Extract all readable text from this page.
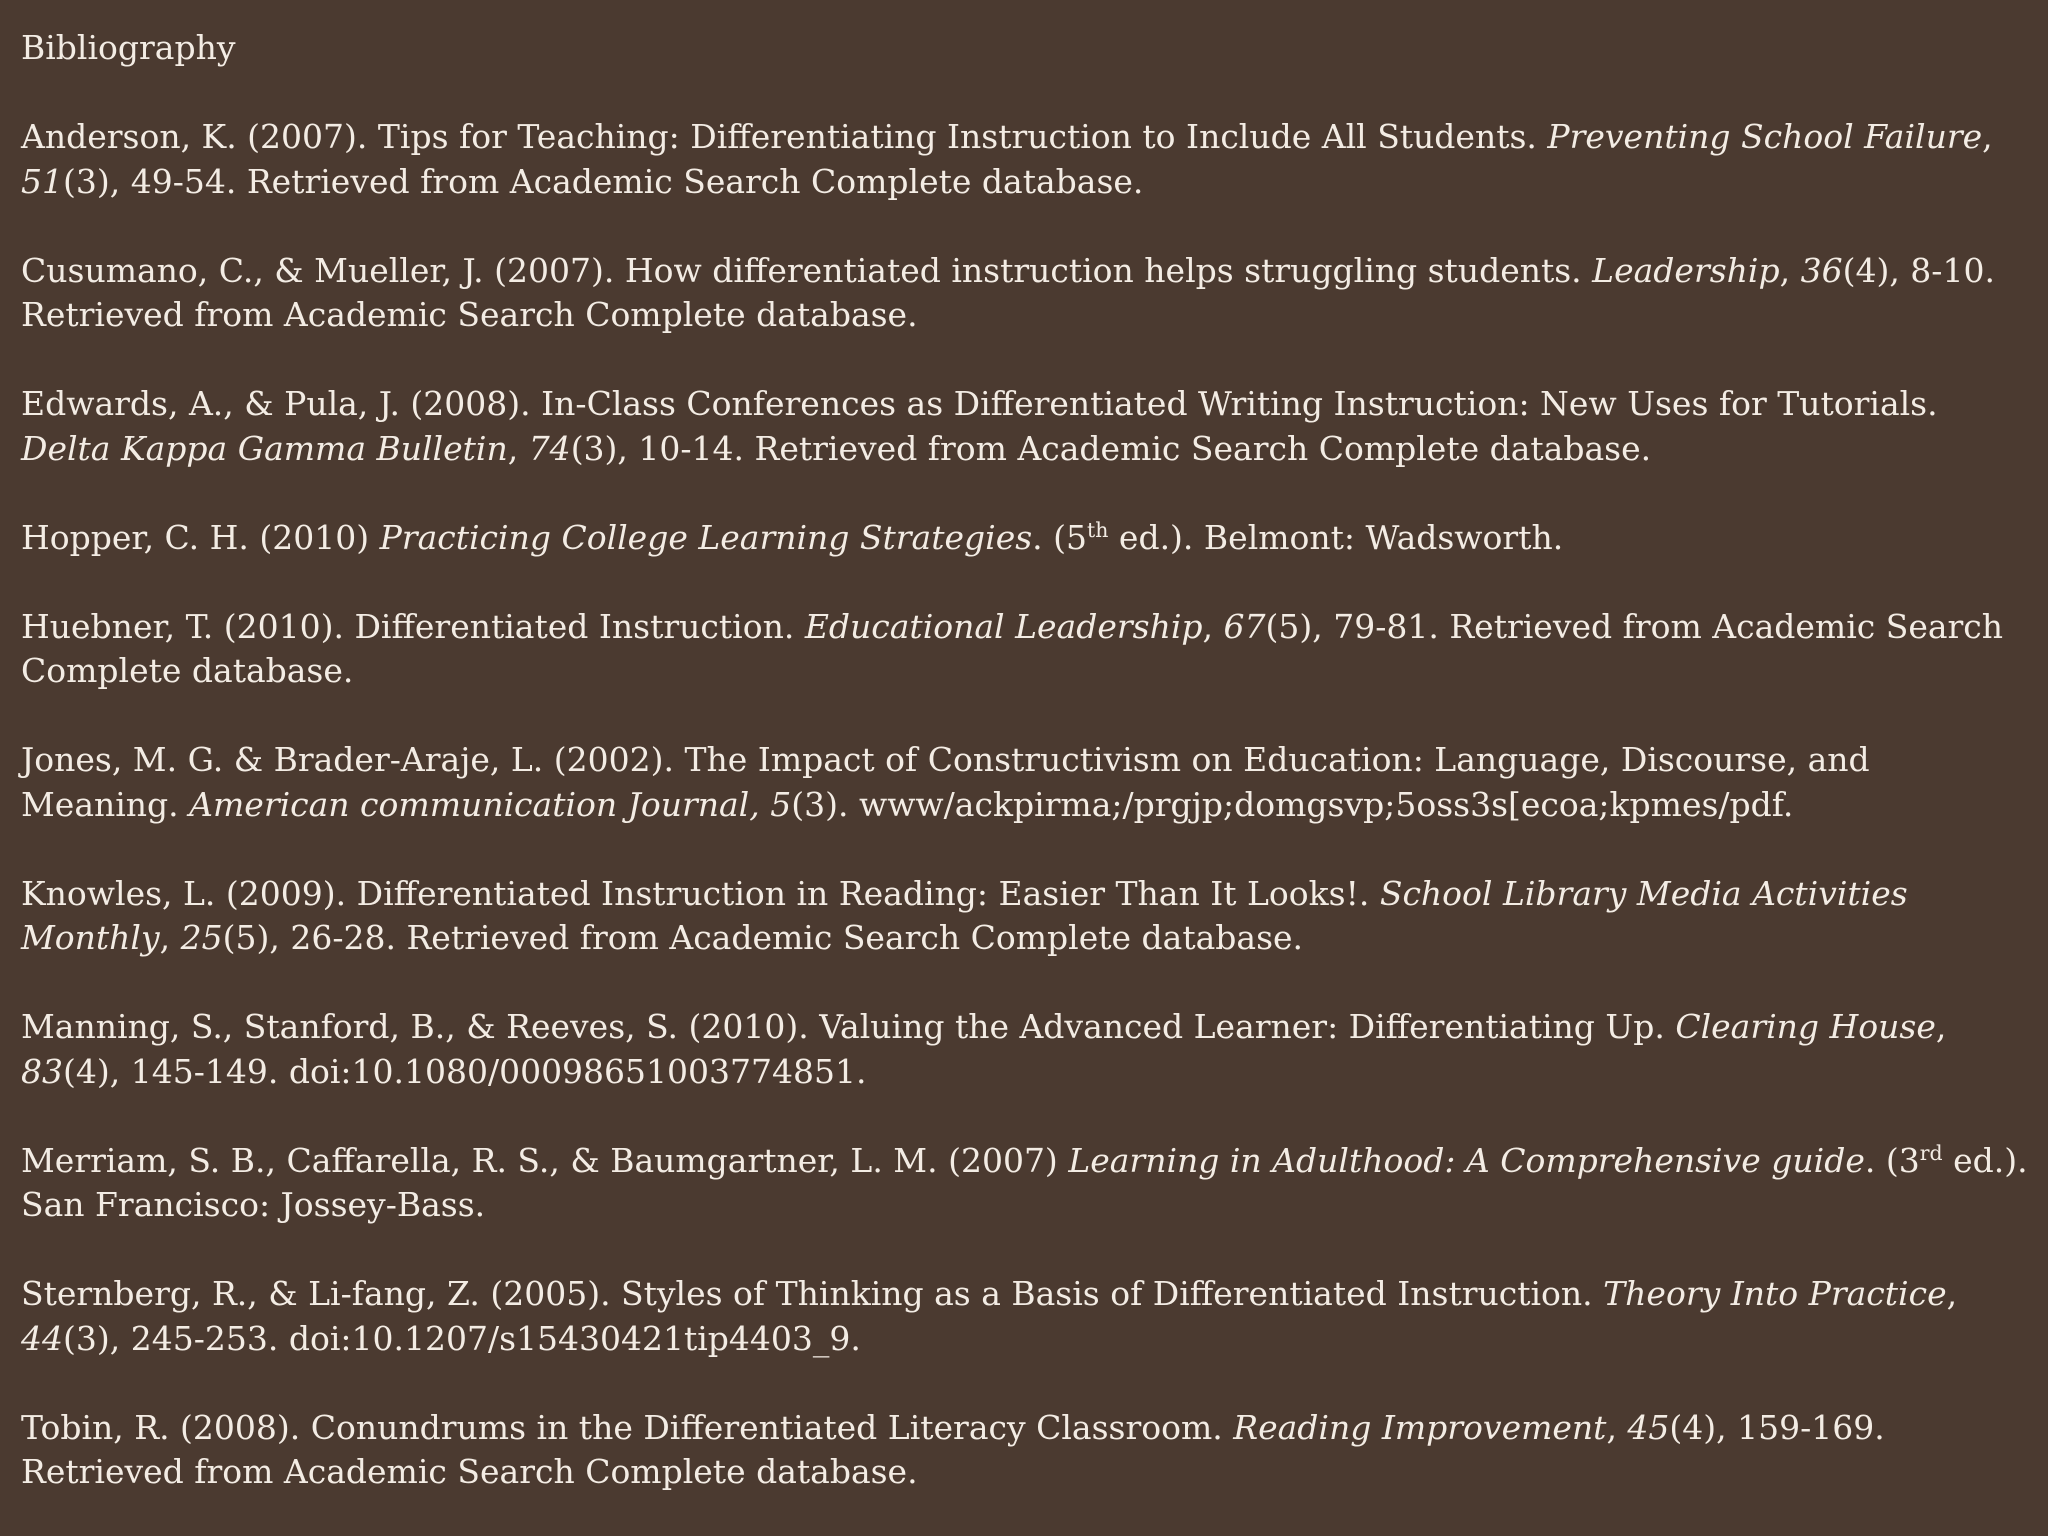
Bibliography
Anderson, K. (2007). Tips for Teaching: Differentiating Instruction to Include All Students. Preventing School Failure, 51(3), 49-54. Retrieved from Academic Search Complete database.
Cusumano, C., & Mueller, J. (2007). How differentiated instruction helps struggling students. Leadership, 36(4), 8-10. Retrieved from Academic Search Complete database.
Edwards, A., & Pula, J. (2008). In-Class Conferences as Differentiated Writing Instruction: New Uses for Tutorials. Delta Kappa Gamma Bulletin, 74(3), 10-14. Retrieved from Academic Search Complete database.
Hopper, C. H. (2010) Practicing College Learning Strategies. (5th ed.). Belmont: Wadsworth.
Huebner, T. (2010). Differentiated Instruction. Educational Leadership, 67(5), 79-81. Retrieved from Academic Search Complete database.
Jones, M. G. & Brader-Araje, L. (2002). The Impact of Constructivism on Education: Language, Discourse, and Meaning. American communication Journal, 5(3). www/ackpirma;/prgjp;domgsvp;5oss3s[ecoa;kpmes/pdf.
Knowles, L. (2009). Differentiated Instruction in Reading: Easier Than It Looks!. School Library Media Activities Monthly, 25(5), 26-28. Retrieved from Academic Search Complete database.
Manning, S., Stanford, B., & Reeves, S. (2010). Valuing the Advanced Learner: Differentiating Up. Clearing House, 83(4), 145-149. doi:10.1080/00098651003774851.
Merriam, S. B., Caffarella, R. S., & Baumgartner, L. M. (2007) Learning in Adulthood: A Comprehensive guide. (3rd ed.). San Francisco: Jossey-Bass.
Sternberg, R., & Li-fang, Z. (2005). Styles of Thinking as a Basis of Differentiated Instruction. Theory Into Practice, 44(3), 245-253. doi:10.1207/s15430421tip4403_9.
Tobin, R. (2008). Conundrums in the Differentiated Literacy Classroom. Reading Improvement, 45(4), 159-169. Retrieved from Academic Search Complete database.
